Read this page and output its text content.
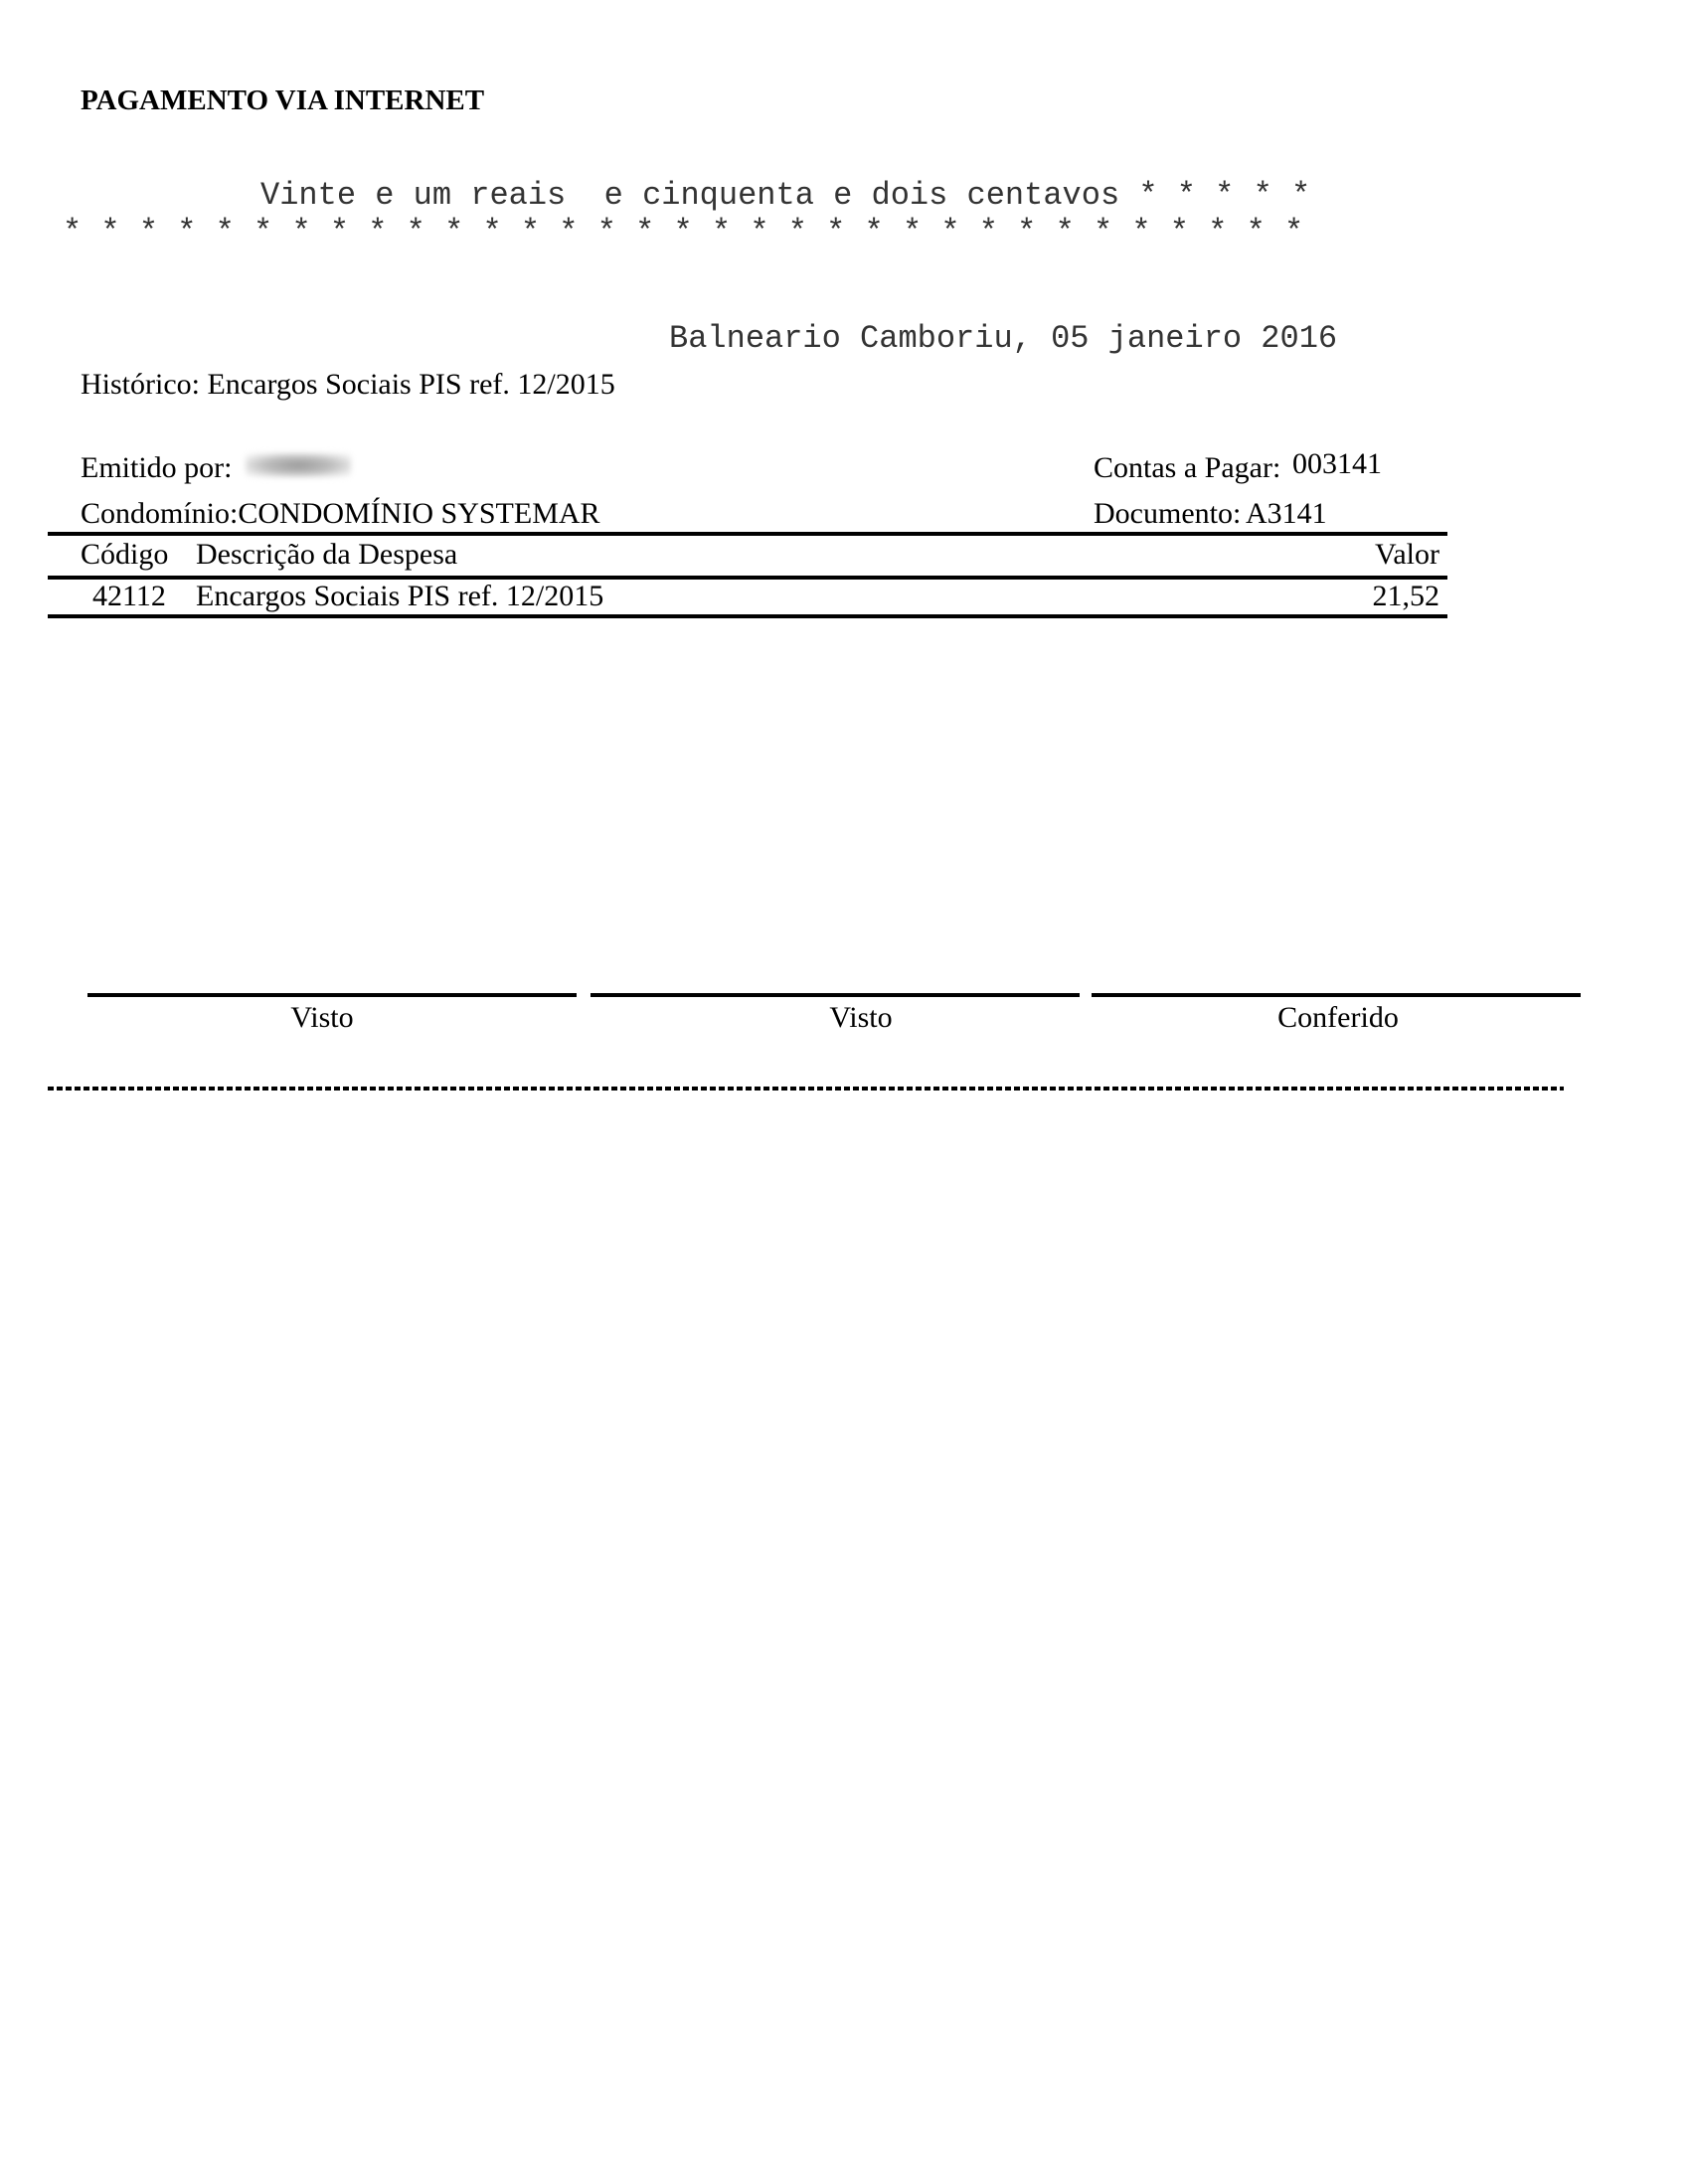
PAGAMENTO VIA INTERNET
Vinte e um reais  e cinquenta e dois centavos * * * * *
* * * * * * * * * * * * * * * * * * * * * * * * * * * * * * * * *
Balneario Camboriu, 05 janeiro 2016
Histórico: Encargos Sociais PIS ref. 12/2015
Emitido por:
Condomínio:CONDOMÍNIO SYSTEMAR
Contas a Pagar: 003141
Documento: A3141
Código Descrição da Despesa	Valor
42112 Encargos Sociais PIS ref. 12/2015	21,52
Visto	Visto	Conferido
